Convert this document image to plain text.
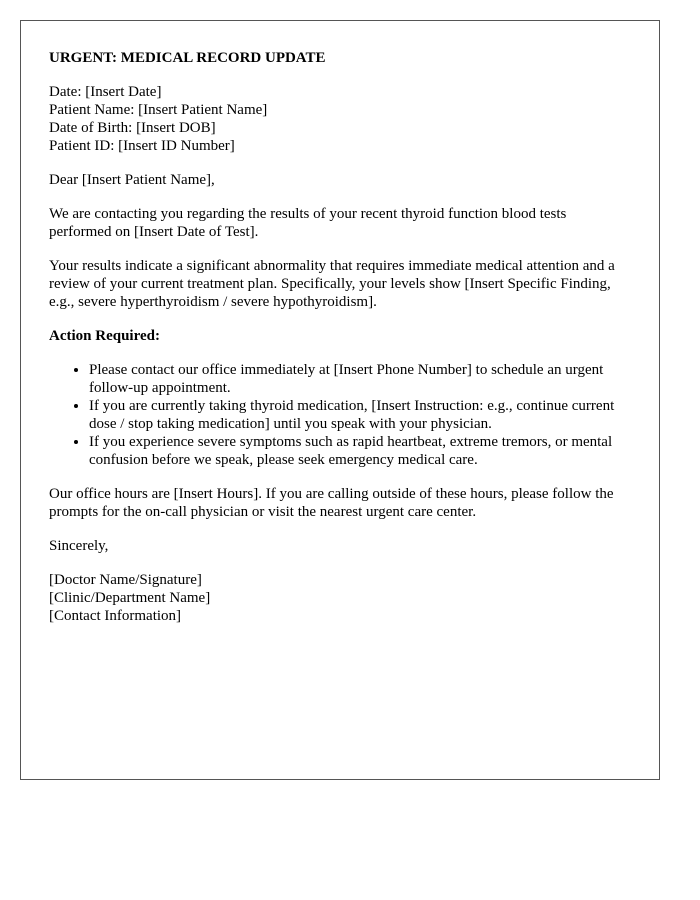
URGENT: MEDICAL RECORD UPDATE
Date: [Insert Date]
Patient Name: [Insert Patient Name]
Date of Birth: [Insert DOB]
Patient ID: [Insert ID Number]
Dear [Insert Patient Name],
We are contacting you regarding the results of your recent thyroid function blood tests performed on [Insert Date of Test].
Your results indicate a significant abnormality that requires immediate medical attention and a review of your current treatment plan. Specifically, your levels show [Insert Specific Finding, e.g., severe hyperthyroidism / severe hypothyroidism].
Action Required:
• Please contact our office immediately at [Insert Phone Number] to schedule an urgent follow-up appointment.
• If you are currently taking thyroid medication, [Insert Instruction: e.g., continue current dose / stop taking medication] until you speak with your physician.
• If you experience severe symptoms such as rapid heartbeat, extreme tremors, or mental confusion before we speak, please seek emergency medical care.
Our office hours are [Insert Hours]. If you are calling outside of these hours, please follow the prompts for the on-call physician or visit the nearest urgent care center.
Sincerely,
[Doctor Name/Signature]
[Clinic/Department Name]
[Contact Information]
